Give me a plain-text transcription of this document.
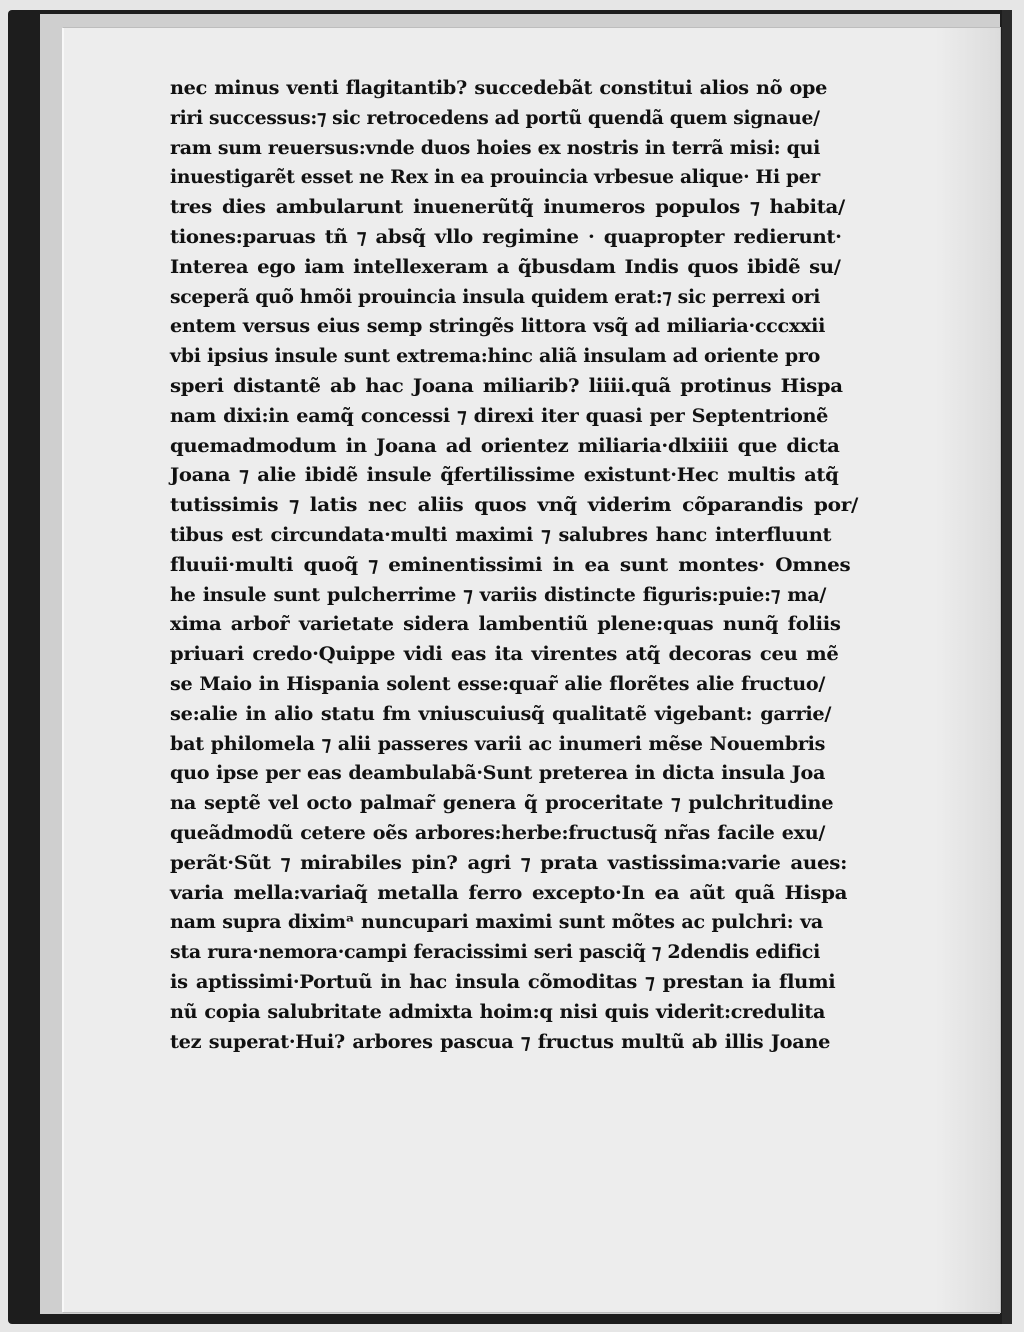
nec minus venti flagitantib? succedebãt constitui alios nõ ope
riri successus:⁊ sic retrocedens ad portũ quendã quem signaue/
ram sum reuersus:vnde duos hoies ex nostris in terrã misi: qui
inuestigarẽt esset ne Rex in ea prouincia vrbesue alique· Hi per
tres dies ambularunt inuenerũtq̃ inumeros populos ⁊ habita/
tiones:paruas tñ ⁊ absq̃ vllo regimine · quapropter redierunt·
Interea ego iam intellexeram a q̃busdam Indis quos ibidẽ su/
sceperã quõ hmõi prouincia insula quidem erat:⁊ sic perrexi ori
entem versus eius semp stringẽs littora vsq̃ ad miliaria·cccxxii
vbi ipsius insule sunt extrema:hinc aliã insulam ad oriente pro
speri distantẽ ab hac Joana miliarib? liiii.quã protinus Hispa
nam dixi:in eamq̃ concessi ⁊ direxi iter quasi per Septentrionẽ
quemadmodum in Joana ad orientez miliaria·dlxiiii que dicta
Joana ⁊ alie ibidẽ insule q̃fertilissime existunt·Hec multis atq̃
tutissimis ⁊ latis nec aliis quos vnq̃ viderim cõparandis por/
tibus est circundata·multi maximi ⁊ salubres hanc interfluunt
fluuii·multi quoq̃ ⁊ eminentissimi in ea sunt montes· Omnes
he insule sunt pulcherrime ⁊ variis distincte figuris:puie:⁊ ma/
xima arbor̃ varietate sidera lambentiũ plene:quas nunq̃ foliis
priuari credo·Quippe vidi eas ita virentes atq̃ decoras ceu mẽ
se Maio in Hispania solent esse:quar̃ alie florẽtes alie fructuo/
se:alie in alio statu fm vniuscuiusq̃ qualitatẽ vigebant: garrie/
bat philomela ⁊ alii passeres varii ac inumeri mẽse Nouembris
quo ipse per eas deambulabã·Sunt preterea in dicta insula Joa
na septẽ vel octo palmar̃ genera q̃ proceritate ⁊ pulchritudine
queãdmodũ cetere oẽs arbores:herbe:fructusq̃ nr̃as facile exu/
perãt·Sũt ⁊ mirabiles pin? agri ⁊ prata vastissima:varie aues:
varia mella:variaq̃ metalla ferro excepto·In ea aũt quã Hispa
nam supra diximᵃ nuncupari maximi sunt mõtes ac pulchri: va
sta rura·nemora·campi feracissimi seri pasciq̃ ⁊ 2dendis edifici
is aptissimi·Portuũ in hac insula cõmoditas ⁊ prestan ia flumi
nũ copia salubritate admixta hoim:q nisi quis viderit:credulita
tez superat·Hui? arbores pascua ⁊ fructus multũ ab illis Joane
